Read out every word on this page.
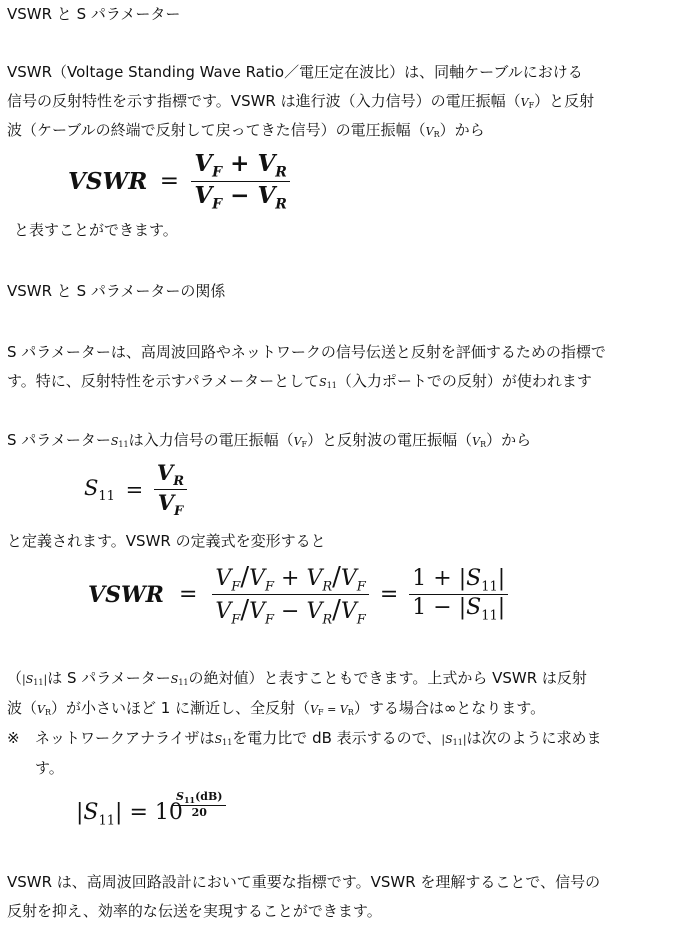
VSWR と S パラメーター
VSWR（Voltage Standing Wave Ratio／電圧定在波比）は、同軸ケーブルにおける
信号の反射特性を示す指標です。VSWR は進行波（入力信号）の電圧振幅$(V_F)$と反射
波（ケーブルの終端で反射して戻ってきた信号）の電圧振幅$(V_R)$から
VSWR = $\frac{V_F + V_R}{V_F - V_R}$
と表すことができます。
VSWR と S パラメーターの関係
S パラメーターは、高周波回路やネットワークの信号伝送と反射を評価するための指標で
す。特に、反射特性を示すパラメーターとして$S_{11}$（入力ポートでの反射）が使われます
S パラメーター$S_{11}$は入力信号の電圧振幅$(V_F)$と反射波の電圧振幅$(V_R)$から
$S_{11} = \frac{V_R}{V_F}$
と定義されます。VSWR の定義式を変形すると
VSWR = $\frac{V_F/V_F + V_R/V_F}{V_F/V_F - V_R/V_F} = \frac{1 + |S_{11}|}{1 - |S_{11}|}$
（$|S_{11}|$は S パラメーター$S_{11}$の絶対値）と表すこともできます。上式から VSWR は反射
波$(V_R)$が小さいほど 1 に漸近し、全反射$(V_F = V_R)$する場合は∞となります。
※ ネットワークアナライザは$S_{11}$を電力比で dB 表示するので、$|S_{11}|$は次のように求めま
す。
$|S_{11}| = 10$
$\frac{S_{11}(dB)}{20}$
VSWR は、高周波回路設計において重要な指標です。VSWR を理解することで、信号の
反射を抑え、効率的な伝送を実現することができます。
